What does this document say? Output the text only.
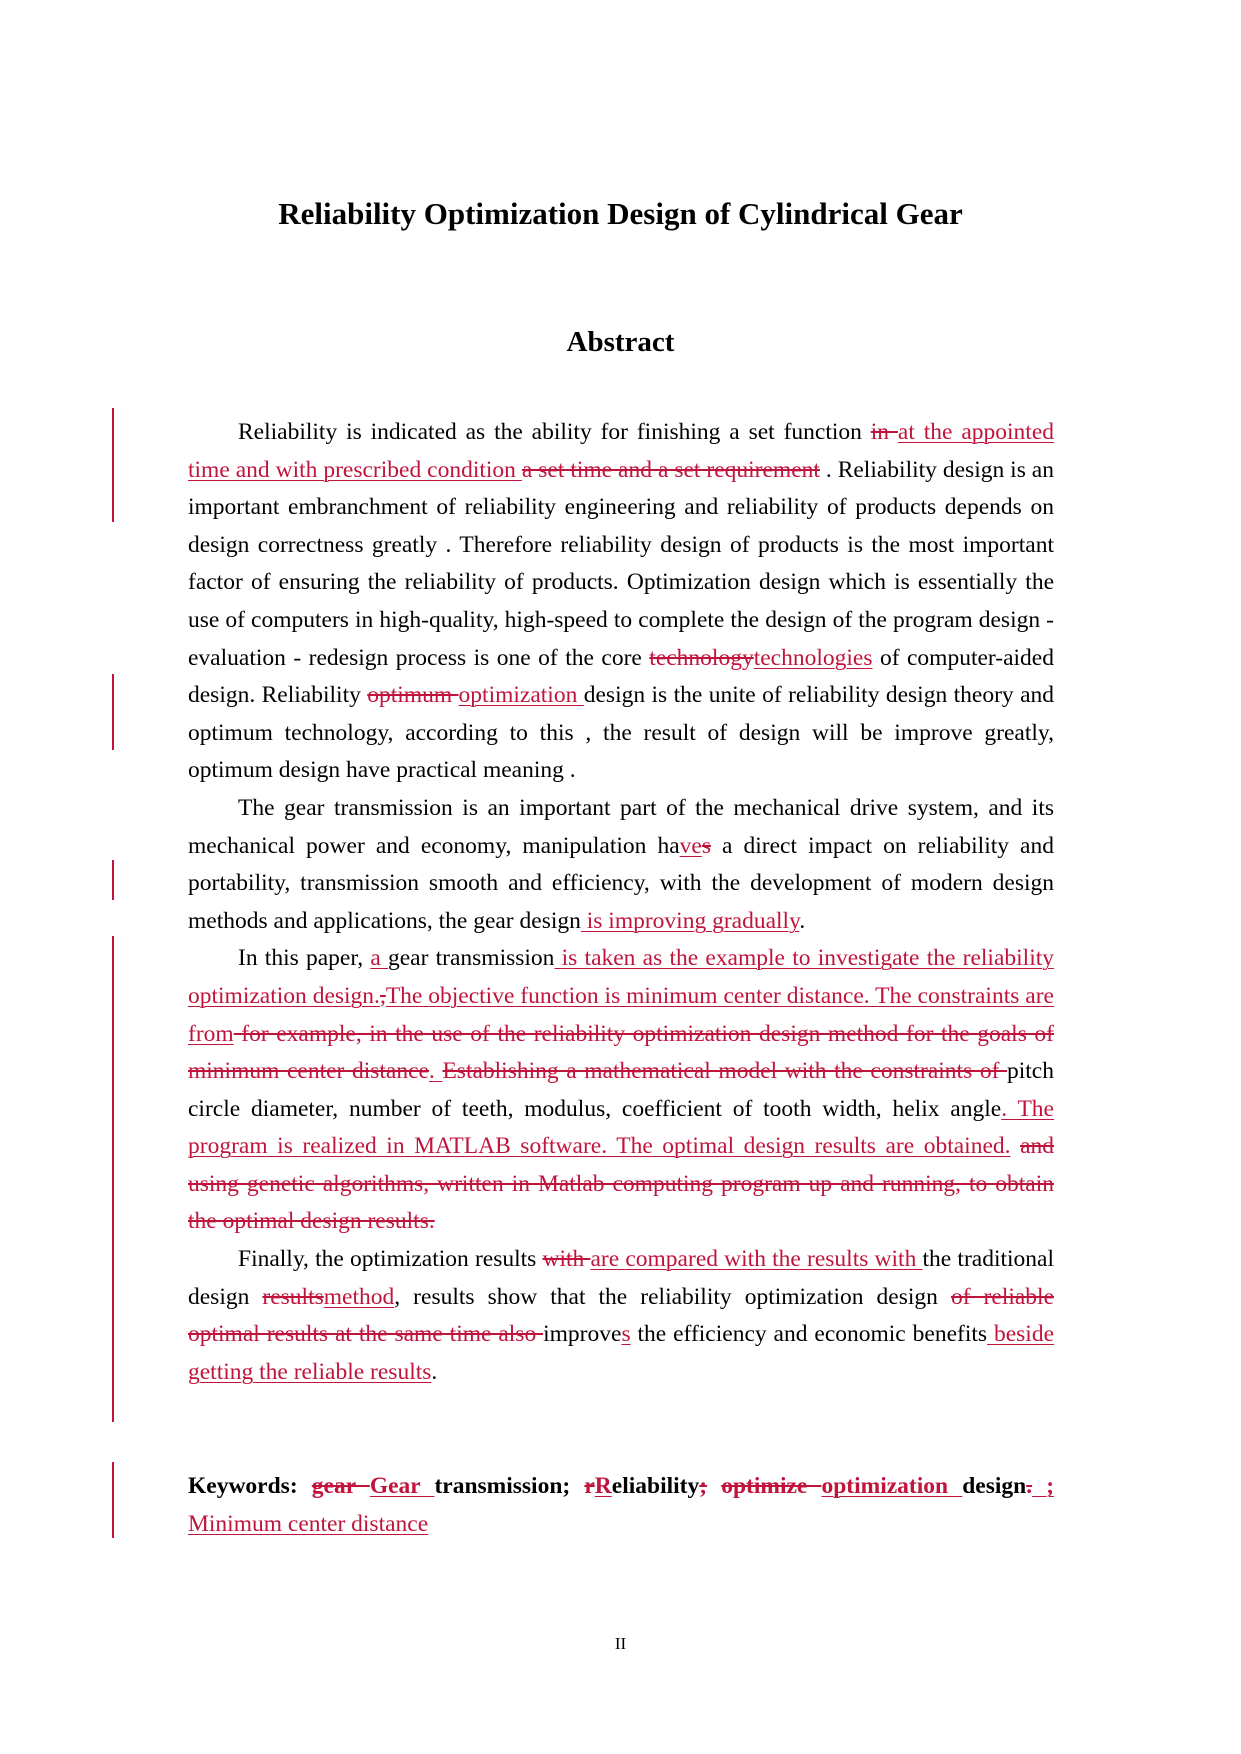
Reliability Optimization Design of Cylindrical Gear
Abstract

Reliability is indicated as the ability for finishing a set function in at the appointed time and with prescribed condition a set time and a set requirement . Reliability design is an important embranchment of reliability engineering and reliability of products depends on design correctness greatly . Therefore reliability design of products is the most important factor of ensuring the reliability of products. Optimization design which is essentially the use of computers in high-quality, high-speed to complete the design of the program design - evaluation - redesign process is one of the core technologytechnologies of computer-aided design. Reliability optimum optimization design is the unite of reliability design theory and optimum technology, according to this , the result of design will be improve greatly, optimum design have practical meaning .

The gear transmission is an important part of the mechanical drive system, and its mechanical power and economy, manipulation haves a direct impact on reliability and portability, transmission smooth and efficiency, with the development of modern design methods and applications, the gear design is improving gradually.

In this paper, a gear transmission is taken as the example to investigate the reliability optimization design.,The objective function is minimum center distance. The constraints are from for example, in the use of the reliability optimization design method for the goals of minimum center distance. Establishing a mathematical model with the constraints of pitch circle diameter, number of teeth, modulus, coefficient of tooth width, helix angle. The program is realized in MATLAB software. The optimal design results are obtained. and using genetic algorithms, written in Matlab computing program up and running, to obtain the optimal design results.

Finally, the optimization results with are compared with the results with the traditional design resultsmethod, results show that the reliability optimization design of reliable optimal results at the same time also improves the efficiency and economic benefits beside getting the reliable results.

Keywords: gear Gear transmission; rReliability; optimize optimization design. ; Minimum center distance
II
